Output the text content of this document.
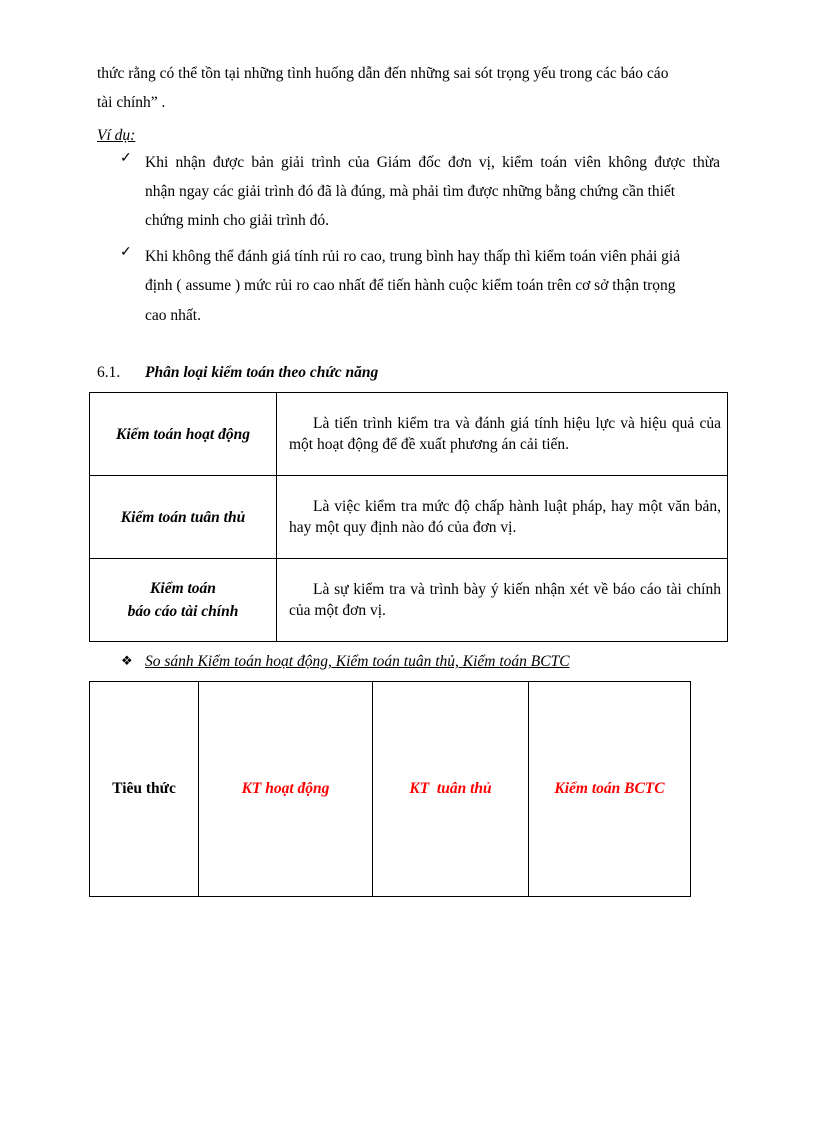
thức rằng có thể tồn tại những tình huống dẫn đến những sai sót trọng yếu trong các báo cáo
tài chính” .
Ví dụ:
✓ Khi nhận được bản giải trình của Giám đốc đơn vị, kiểm toán viên không được thừa
nhận ngay các giải trình đó đã là đúng, mà phải tìm được những bằng chứng cần thiết
chứng minh cho giải trình đó.
✓ Khi không thể đánh giá tính rủi ro cao, trung bình hay thấp thì kiểm toán viên phải giả
định ( assume ) mức rủi ro cao nhất để tiến hành cuộc kiểm toán trên cơ sở thận trọng
cao nhất.
6.1. Phân loại kiểm toán theo chức năng
Kiểm toán hoạt động	Là tiến trình kiểm tra và đánh giá tính hiệu lực và hiệu quả của một hoạt động để đề xuất phương án cải tiến.
Kiểm toán tuân thủ	Là việc kiểm tra mức độ chấp hành luật pháp, hay một văn bản, hay một quy định nào đó của đơn vị.

Kiểm toán
báo cáo tài chính	Là sự kiểm tra và trình bày ý kiến nhận xét về báo cáo tài chính của một đơn vị.
❖ So sánh Kiểm toán hoạt động, Kiểm toán tuân thủ, Kiểm toán BCTC
Tiêu thức	KT hoạt động	KT  tuân thủ	Kiểm toán BCTC
